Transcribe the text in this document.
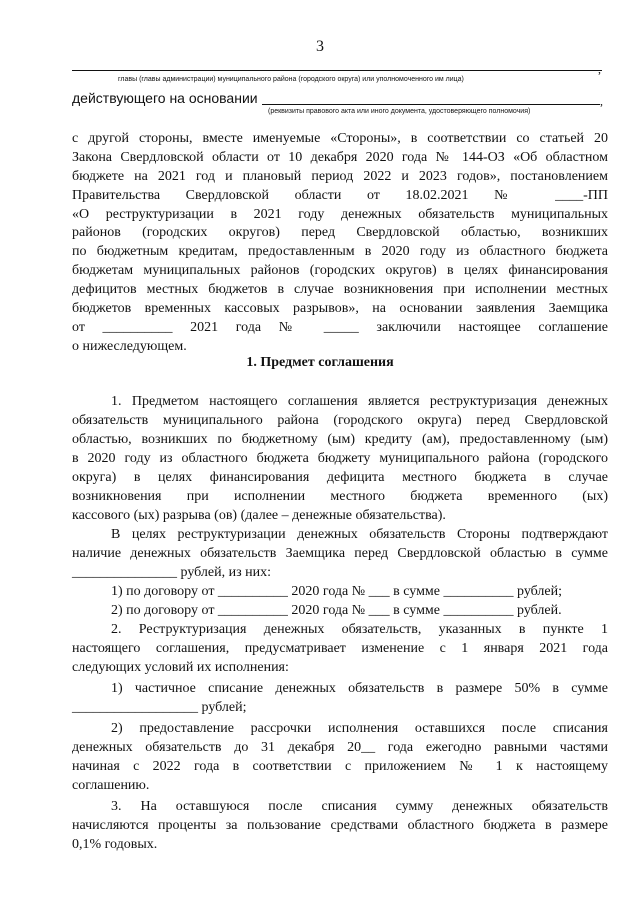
3
,
главы (главы администрации) муниципального района (городского округа) или уполномоченного им лица)
действующего на основании	,
(реквизиты правового акта или иного документа, удостоверяющего полномочия)
с другой стороны, вместе именуемые «Стороны», в соответствии со статьей 20
Закона Свердловской области от 10 декабря 2020 года № 144-ОЗ «Об областном
бюджете на 2021 год и плановый период 2022 и 2023 годов», постановлением
Правительства Свердловской области от 18.02.2021 № ____-ПП
«О реструктуризации в 2021 году денежных обязательств муниципальных
районов (городских округов) перед Свердловской областью, возникших
по бюджетным кредитам, предоставленным в 2020 году из областного бюджета
бюджетам муниципальных районов (городских округов) в целях финансирования
дефицитов местных бюджетов в случае возникновения при исполнении местных
бюджетов временных кассовых разрывов», на основании заявления Заемщика
от __________ 2021 года № _____ заключили настоящее соглашение
о нижеследующем.
1. Предмет соглашения
1. Предметом настоящего соглашения является реструктуризация денежных
обязательств муниципального района (городского округа) перед Свердловской
областью, возникших по бюджетному (ым) кредиту (ам), предоставленному (ым)
в 2020 году из областного бюджета бюджету муниципального района (городского
округа) в целях финансирования дефицита местного бюджета в случае
возникновения при исполнении местного бюджета временного (ых)
кассового (ых) разрыва (ов) (далее – денежные обязательства).
В целях реструктуризации денежных обязательств Стороны подтверждают
наличие денежных обязательств Заемщика перед Свердловской областью в сумме
_______________ рублей, из них:
1) по договору от __________ 2020 года № ___ в сумме __________ рублей;
2) по договору от __________ 2020 года № ___ в сумме __________ рублей.
2. Реструктуризация денежных обязательств, указанных в пункте 1
настоящего соглашения, предусматривает изменение с 1 января 2021 года
следующих условий их исполнения:
1) частичное списание денежных обязательств в размере 50% в сумме
__________________ рублей;
2) предоставление рассрочки исполнения оставшихся после списания
денежных обязательств до 31 декабря 20__ года ежегодно равными частями
начиная с 2022 года в соответствии с приложением № 1 к настоящему
соглашению.
3. На оставшуюся после списания сумму денежных обязательств
начисляются проценты за пользование средствами областного бюджета в размере
0,1% годовых.
